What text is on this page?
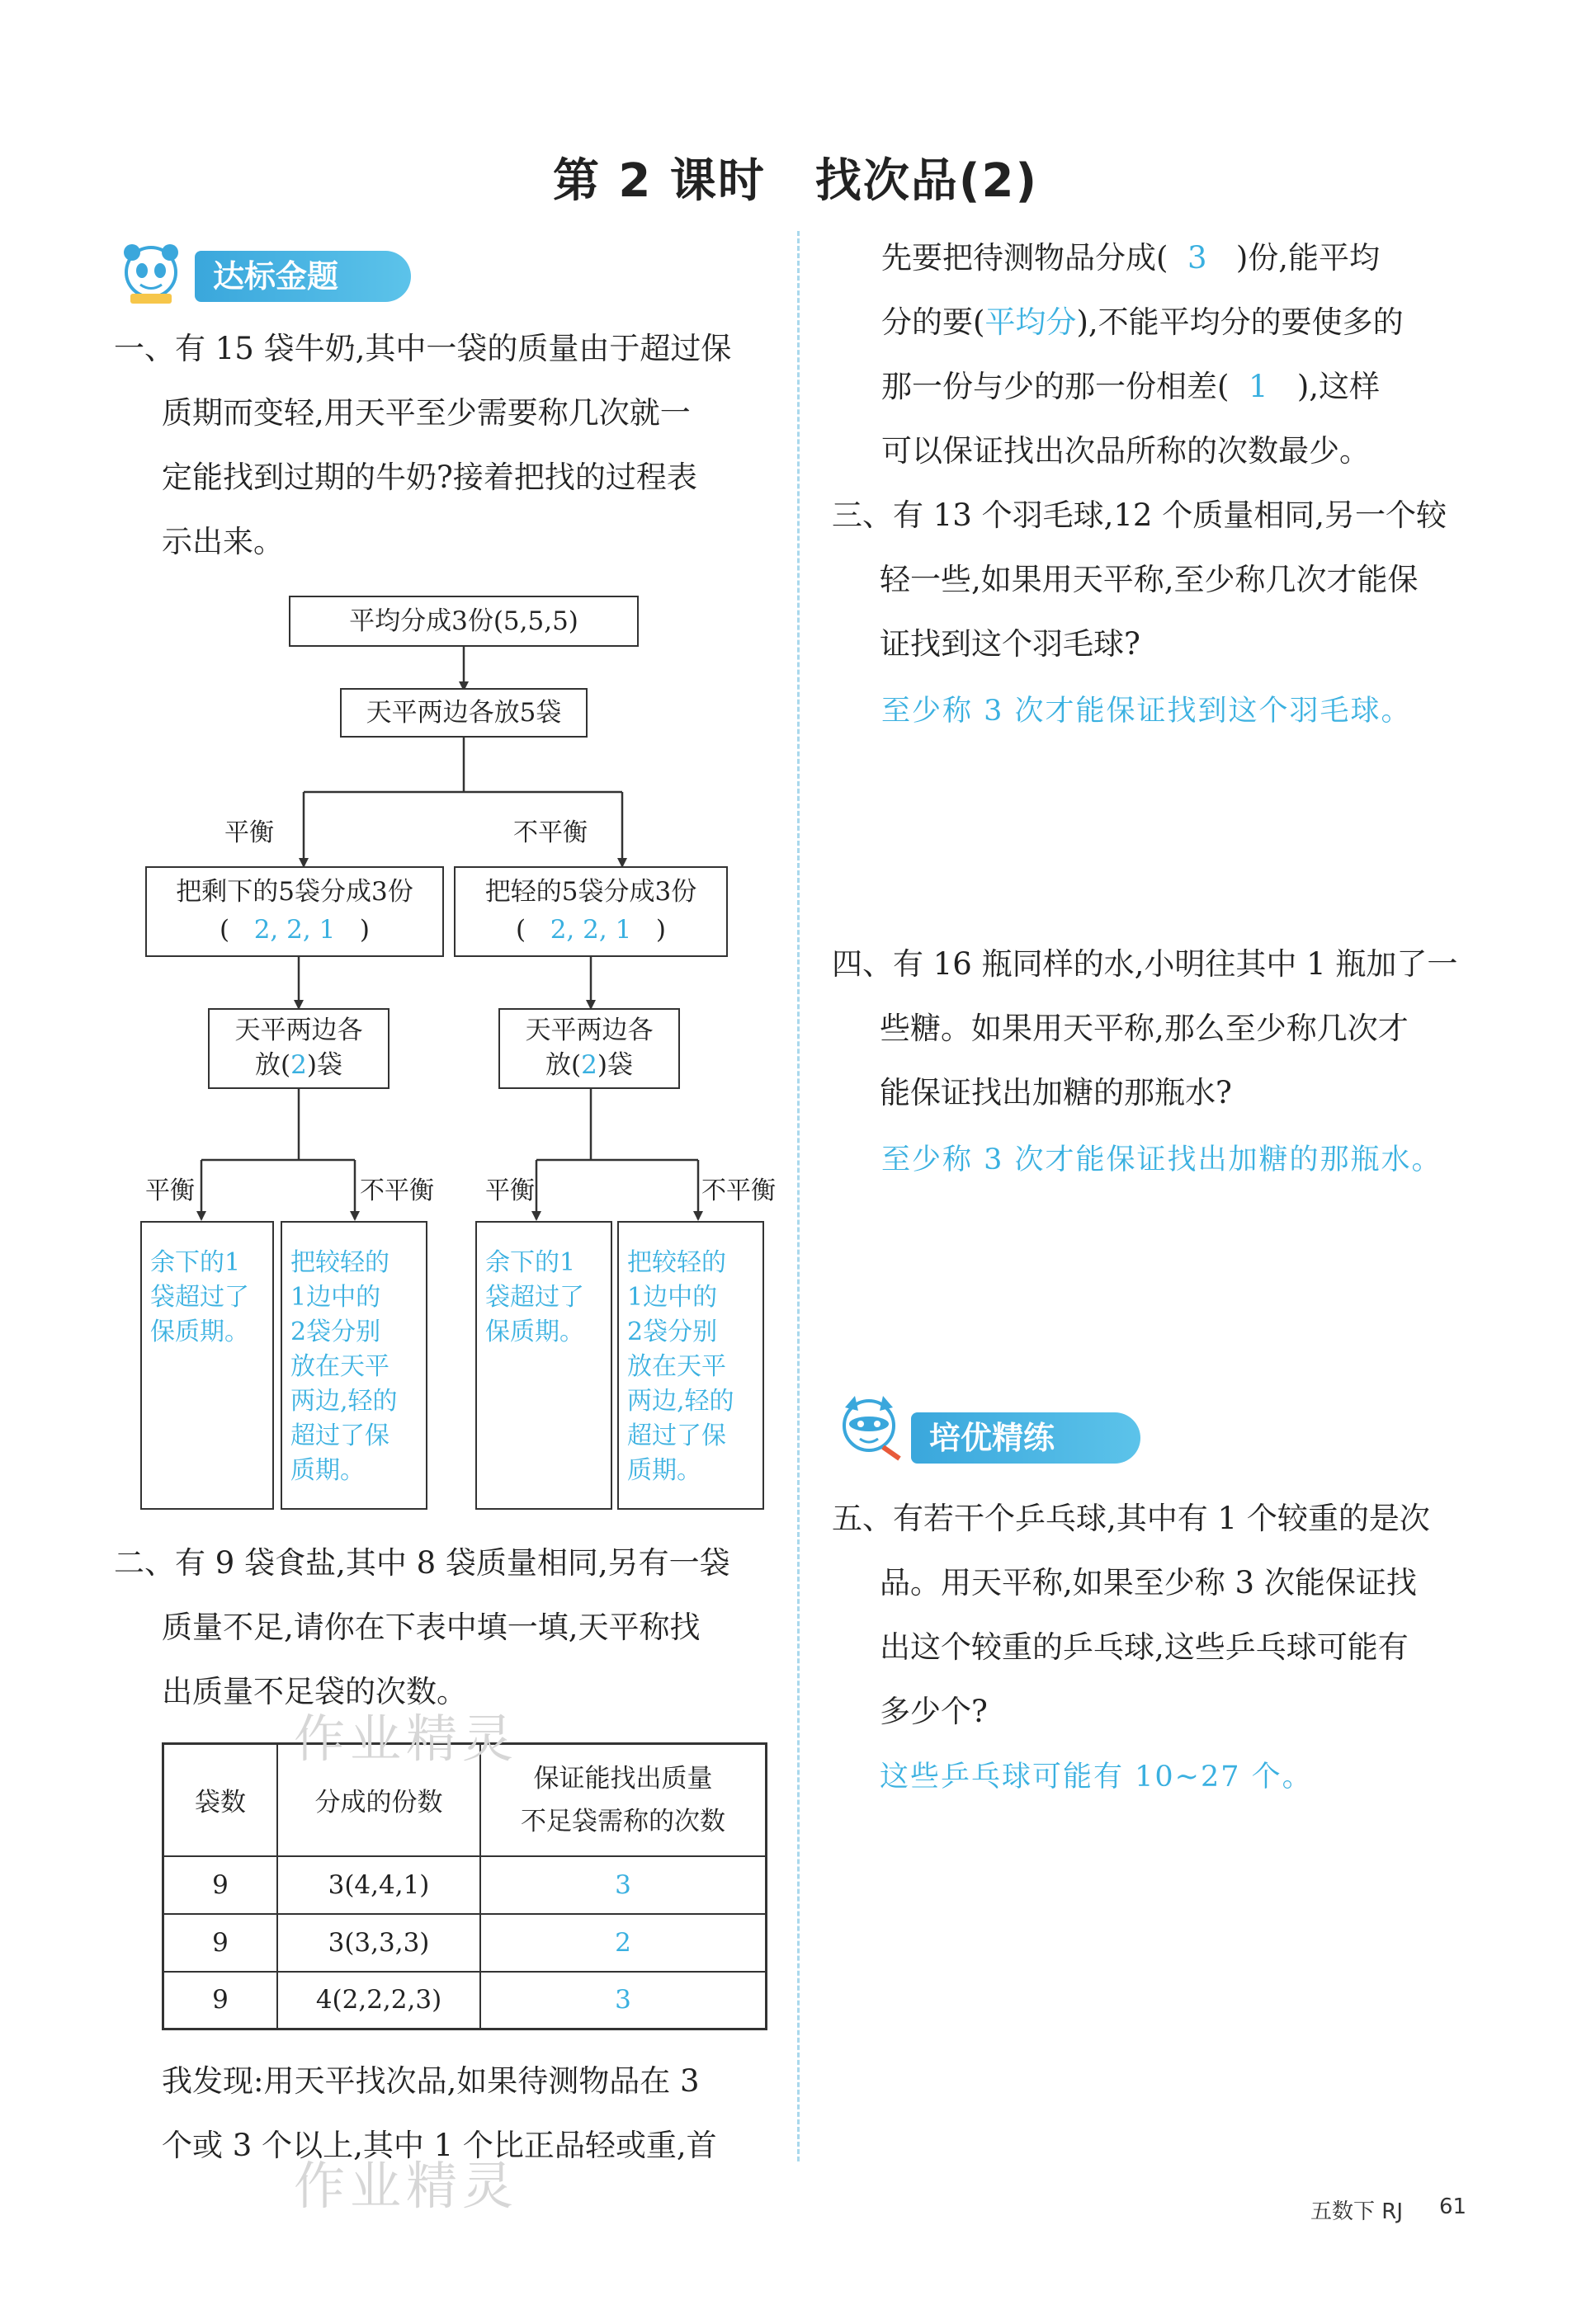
第 2 课时 找次品(2)
达标金题
一、有 15 袋牛奶,其中一袋的质量由于超过保
质期而变轻,用天平至少需要称几次就一
定能找到过期的牛奶?接着把找的过程表
示出来。
平均分成3份(5,5,5)
天平两边各放5袋
平衡	不平衡
把剩下的5袋分成3份
( 2, 2, 1 )
把轻的5袋分成3份
( 2, 2, 1 )
天平两边各
放(2)袋
天平两边各
放(2)袋
平衡	不平衡 平衡	不平衡
余下的1
袋超过了
保质期。
把较轻的
1边中的
2袋分别
放在天平
两边,轻的
超过了保
质期。
余下的1
袋超过了
保质期。
把较轻的
1边中的
2袋分别
放在天平
两边,轻的
超过了保
质期。
二、有 9 袋食盐,其中 8 袋质量相同,另有一袋
质量不足,请你在下表中填一填,天平称找
出质量不足袋的次数。
袋数	分成的份数	保证能找出质量
不足袋需称的次数

9	3(4,4,1)	3
9	3(3,3,3)	2
9	4(2,2,2,3)	3
我发现:用天平找次品,如果待测物品在 3
个或 3 个以上,其中 1 个比正品轻或重,首
先要把待测物品分成( 3 )份,能平均
分的要(平均分),不能平均分的要使多的
那一份与少的那一份相差( 1 ),这样
可以保证找出次品所称的次数最少。
三、有 13 个羽毛球,12 个质量相同,另一个较
轻一些,如果用天平称,至少称几次才能保
证找到这个羽毛球?
至少称 3 次才能保证找到这个羽毛球。
四、有 16 瓶同样的水,小明往其中 1 瓶加了一
些糖。如果用天平称,那么至少称几次才
能保证找出加糖的那瓶水?
至少称 3 次才能保证找出加糖的那瓶水。
培优精练
五、有若干个乒乓球,其中有 1 个较重的是次
品。用天平称,如果至少称 3 次能保证找
出这个较重的乒乓球,这些乒乓球可能有
多少个?
这些乒乓球可能有 10~27 个。
作业精灵
作业精灵	五数下 RJ 61
